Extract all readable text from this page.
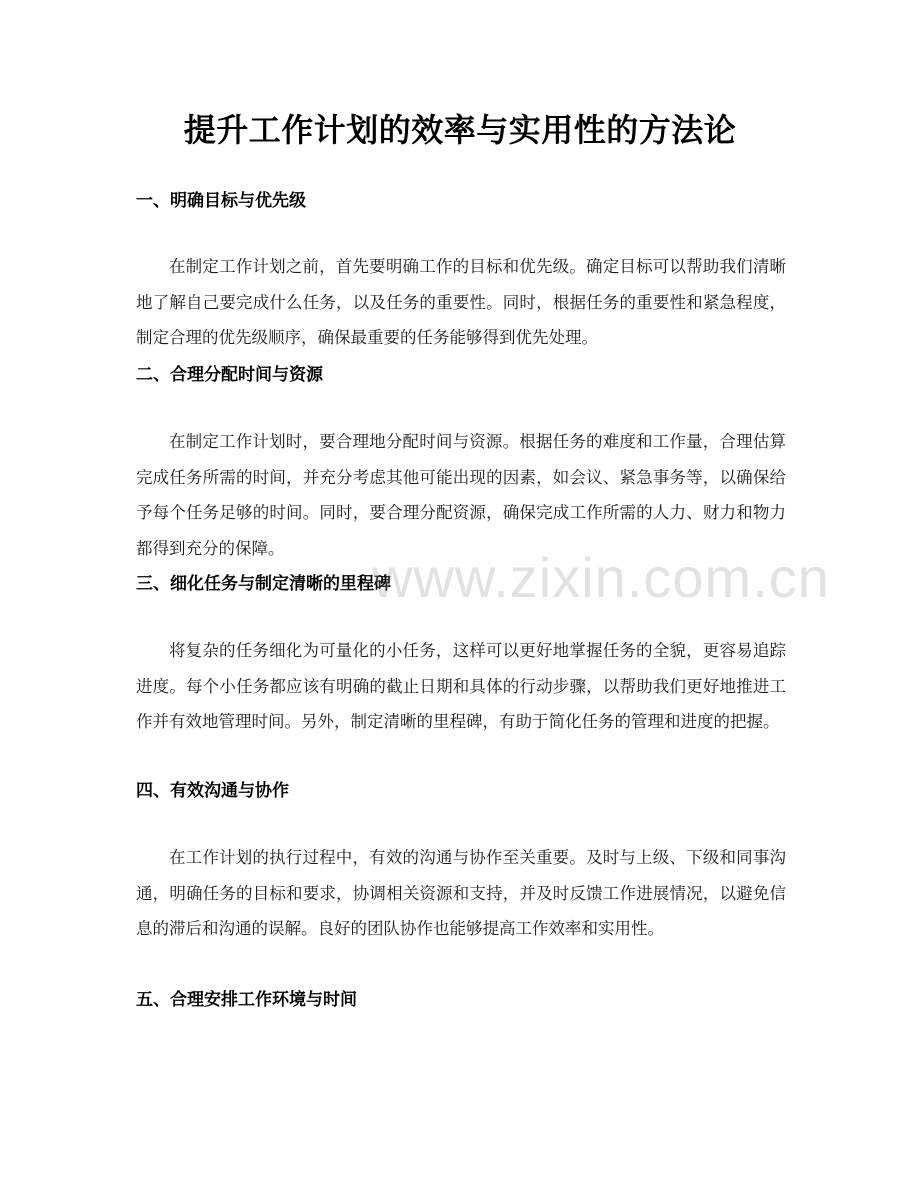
提升工作计划的效率与实用性的方法论
一、明确目标与优先级

在制定工作计划之前，首先要明确工作的目标和优先级。确定目标可以帮助我们清晰地了解自己要完成什么任务，以及任务的重要性。同时，根据任务的重要性和紧急程度，制定合理的优先级顺序，确保最重要的任务能够得到优先处理。

二、合理分配时间与资源

在制定工作计划时，要合理地分配时间与资源。根据任务的难度和工作量，合理估算完成任务所需的时间，并充分考虑其他可能出现的因素，如会议、紧急事务等，以确保给予每个任务足够的时间。同时，要合理分配资源，确保完成工作所需的人力、财力和物力都得到充分的保障。

三、细化任务与制定清晰的里程碑

将复杂的任务细化为可量化的小任务，这样可以更好地掌握任务的全貌，更容易追踪进度。每个小任务都应该有明确的截止日期和具体的行动步骤，以帮助我们更好地推进工作并有效地管理时间。另外，制定清晰的里程碑，有助于简化任务的管理和进度的把握。

四、有效沟通与协作

在工作计划的执行过程中，有效的沟通与协作至关重要。及时与上级、下级和同事沟通，明确任务的目标和要求，协调相关资源和支持，并及时反馈工作进展情况，以避免信息的滞后和沟通的误解。良好的团队协作也能够提高工作效率和实用性。

五、合理安排工作环境与时间
www.zixin.com.cn
